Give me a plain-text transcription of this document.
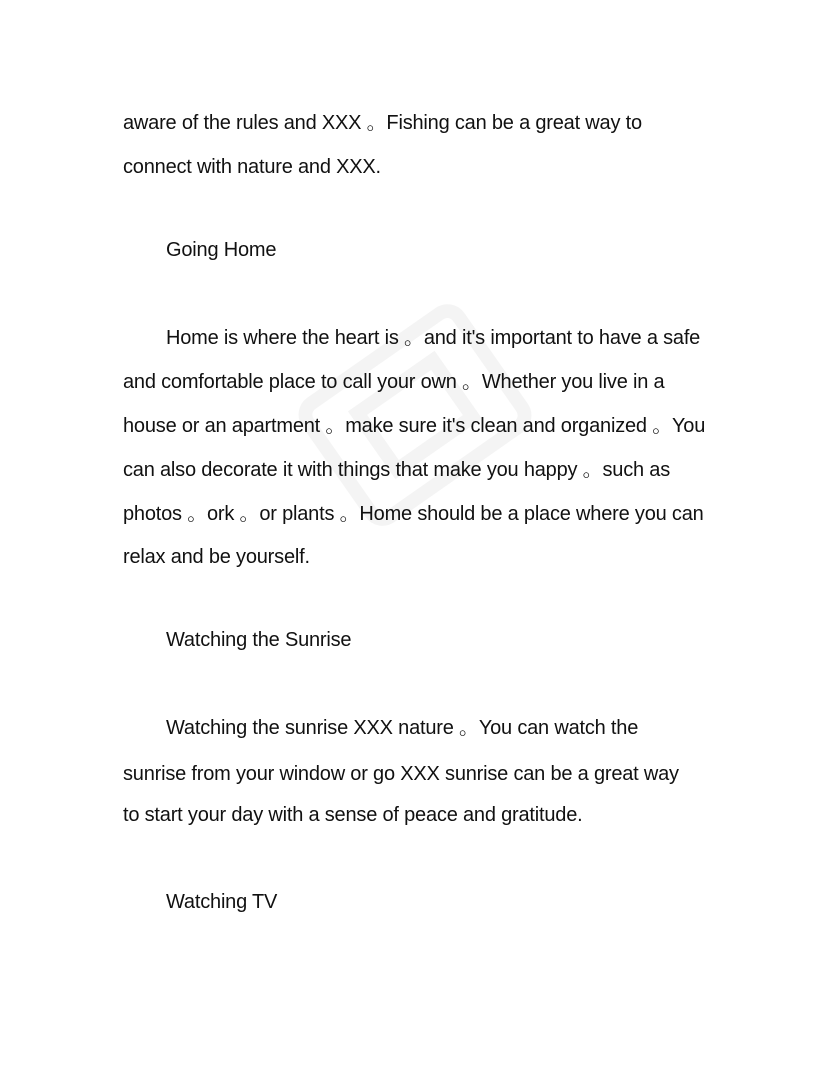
aware of the rules and XXX 。Fishing can be a great way to
connect with nature and XXX.
Going Home
Home is where the heart is 。and it's important to have a safe
and comfortable place to call your own 。Whether you live in a
house or an apartment 。make sure it's clean and organized 。You
can also decorate it with things that make you happy 。such as
photos 。ork 。or plants 。Home should be a place where you can
relax and be yourself.
Watching the Sunrise
Watching the sunrise XXX nature 。You can watch the
sunrise from your window or go XXX sunrise can be a great way
to start your day with a sense of peace and gratitude.
Watching TV
